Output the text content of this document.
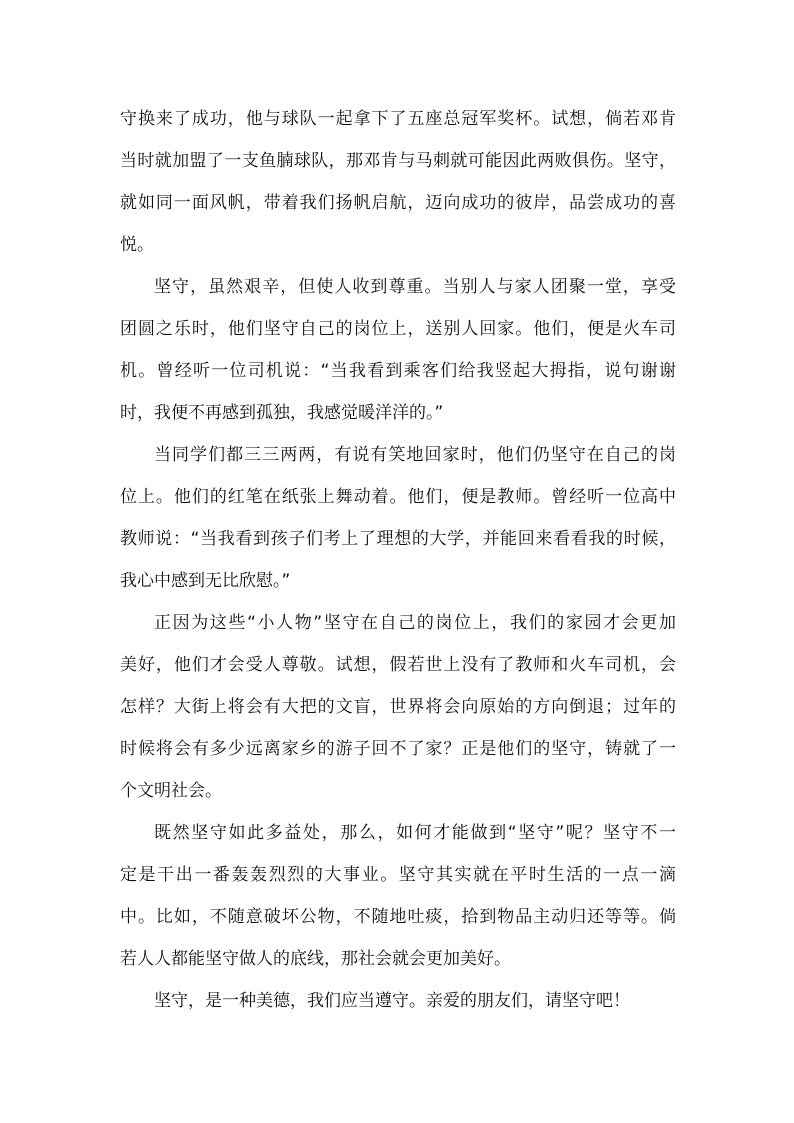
守换来了成功，他与球队一起拿下了五座总冠军奖杯。试想，倘若邓肯
当时就加盟了一支鱼腩球队，那邓肯与马刺就可能因此两败俱伤。坚守，
就如同一面风帆，带着我们扬帆启航，迈向成功的彼岸，品尝成功的喜
悦。
坚守，虽然艰辛，但使人收到尊重。当别人与家人团聚一堂，享受
团圆之乐时，他们坚守自己的岗位上，送别人回家。他们，便是火车司
机。曾经听一位司机说：“当我看到乘客们给我竖起大拇指，说句谢谢
时，我便不再感到孤独，我感觉暖洋洋的。”
当同学们都三三两两，有说有笑地回家时，他们仍坚守在自己的岗
位上。他们的红笔在纸张上舞动着。他们，便是教师。曾经听一位高中
教师说：“当我看到孩子们考上了理想的大学，并能回来看看我的时候，
我心中感到无比欣慰。”
正因为这些“小人物”坚守在自己的岗位上，我们的家园才会更加
美好，他们才会受人尊敬。试想，假若世上没有了教师和火车司机，会
怎样？大街上将会有大把的文盲，世界将会向原始的方向倒退；过年的
时候将会有多少远离家乡的游子回不了家？正是他们的坚守，铸就了一
个文明社会。
既然坚守如此多益处，那么，如何才能做到“坚守”呢？坚守不一
定是干出一番轰轰烈烈的大事业。坚守其实就在平时生活的一点一滴
中。比如，不随意破坏公物，不随地吐痰，拾到物品主动归还等等。倘
若人人都能坚守做人的底线，那社会就会更加美好。
坚守，是一种美德，我们应当遵守。亲爱的朋友们，请坚守吧！
